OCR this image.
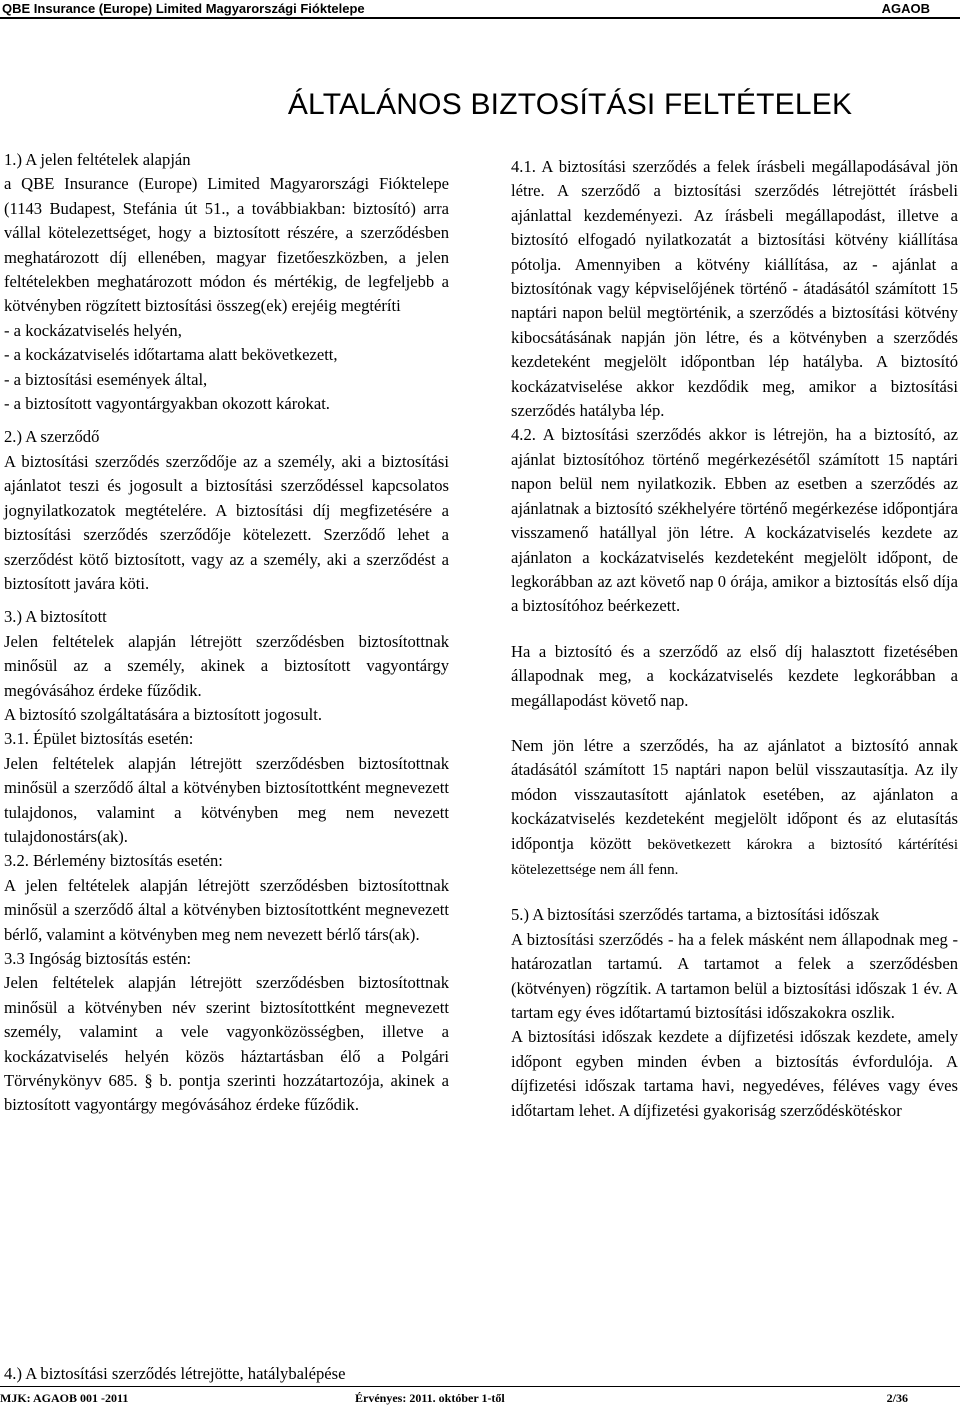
QBE Insurance (Europe) Limited Magyarországi Fióktelepe	AGAOB
ÁLTALÁNOS BIZTOSÍTÁSI FELTÉTELEK

1.) A jelen feltételek alapján

a QBE Insurance (Europe) Limited Magyarországi Fióktelepe (1143 Budapest, Stefánia út 51., a továbbiakban: biztosító) arra vállal kötelezettséget, hogy a biztosított részére, a szerződésben meghatározott díj ellenében, magyar fizetőeszközben, a jelen feltételekben meghatározott módon és mértékig, de legfeljebb a kötvényben rögzített biztosítási összeg(ek) erejéig megtéríti

- a kockázatviselés helyén,

- a kockázatviselés időtartama alatt bekövetkezett,

- a biztosítási események által,

- a biztosított vagyontárgyakban okozott károkat.

2.) A szerződő

A biztosítási szerződés szerződője az a személy, aki a biztosítási ajánlatot teszi és jogosult a biztosítási szerződéssel kapcsolatos jognyilatkozatok megtételére. A biztosítási díj megfizetésére a biztosítási szerződés szerződője kötelezett. Szerződő lehet a szerződést kötő biztosított, vagy az a személy, aki a szerződést a biztosított javára köti.

3.) A biztosított

Jelen feltételek alapján létrejött szerződésben biztosítottnak minősül az a személy, akinek a biztosított vagyontárgy megóvásához érdeke fűződik.

A biztosító szolgáltatására a biztosított jogosult.

3.1. Épület biztosítás esetén:

Jelen feltételek alapján létrejött szerződésben biztosítottnak minősül a szerződő által a kötvényben biztosítottként megnevezett tulajdonos, valamint a kötvényben meg nem nevezett tulajdonostárs(ak).

3.2. Bérlemény biztosítás esetén:

A jelen feltételek alapján létrejött szerződésben biztosítottnak minősül a szerződő által a kötvényben biztosítottként megnevezett bérlő, valamint a kötvényben meg nem nevezett bérlő társ(ak).

3.3 Ingóság biztosítás estén:

Jelen feltételek alapján létrejött szerződésben biztosítottnak minősül a kötvényben név szerint biztosítottként megnevezett személy, valamint a vele vagyonközösségben, illetve a kockázatviselés helyén közös háztartásban élő a Polgári Törvénykönyv 685. § b. pontja szerinti hozzátartozója, akinek a biztosított vagyontárgy megóvásához érdeke fűződik.

4.) A biztosítási szerződés létrejötte, hatálybalépése

4.1. A biztosítási szerződés a felek írásbeli megállapodásával jön létre. A szerződő a biztosítási szerződés létrejöttét írásbeli ajánlattal kezdeményezi. Az írásbeli megállapodást, illetve a biztosító elfogadó nyilatkozatát a biztosítási kötvény kiállítása pótolja. Amennyiben a kötvény kiállítása, az - ajánlat a biztosítónak vagy képviselőjének történő - átadásától számított 15 naptári napon belül megtörténik, a szerződés a biztosítási kötvény kibocsátásának napján jön létre, és a kötvényben a szerződés kezdeteként megjelölt időpontban lép hatályba. A biztosító kockázatviselése akkor kezdődik meg, amikor a biztosítási szerződés hatályba lép.

4.2. A biztosítási szerződés akkor is létrejön, ha a biztosító, az ajánlat biztosítóhoz történő megérkezésétől számított 15 naptári napon belül nem nyilatkozik. Ebben az esetben a szerződés az ajánlatnak a biztosító székhelyére történő megérkezése időpontjára visszamenő hatállyal jön létre. A kockázatviselés kezdete az ajánlaton a kockázatviselés kezdeteként megjelölt időpont, de legkorábban az azt követő nap 0 órája, amikor a biztosítás első díja a biztosítóhoz beérkezett.

Ha a biztosító és a szerződő az első díj halasztott fizetésében állapodnak meg, a kockázatviselés kezdete legkorábban a megállapodást követő nap.

Nem jön létre a szerződés, ha az ajánlatot a biztosító annak átadásától számított 15 naptári napon belül visszautasítja. Az ily módon visszautasított ajánlatok esetében, az ajánlaton a kockázatviselés kezdeteként megjelölt időpont és az elutasítás időpontja között bekövetkezett károkra a biztosító kártérítési kötelezettsége nem áll fenn.

5.) A biztosítási szerződés tartama, a biztosítási időszak

A biztosítási szerződés - ha a felek másként nem állapodnak meg - határozatlan tartamú. A tartamot a felek a szerződésben (kötvényen) rögzítik. A tartamon belül a biztosítási időszak 1 év. A tartam egy éves időtartamú biztosítási időszakokra oszlik.

A biztosítási időszak kezdete a díjfizetési időszak kezdete, amely időpont egyben minden évben a biztosítás évfordulója. A díjfizetési időszak tartama havi, negyedéves, féléves vagy éves időtartam lehet. A díjfizetési gyakoriság szerződéskötéskor

MJK: AGAOB 001 -2011	Érvényes: 2011. október 1-től	2/36
